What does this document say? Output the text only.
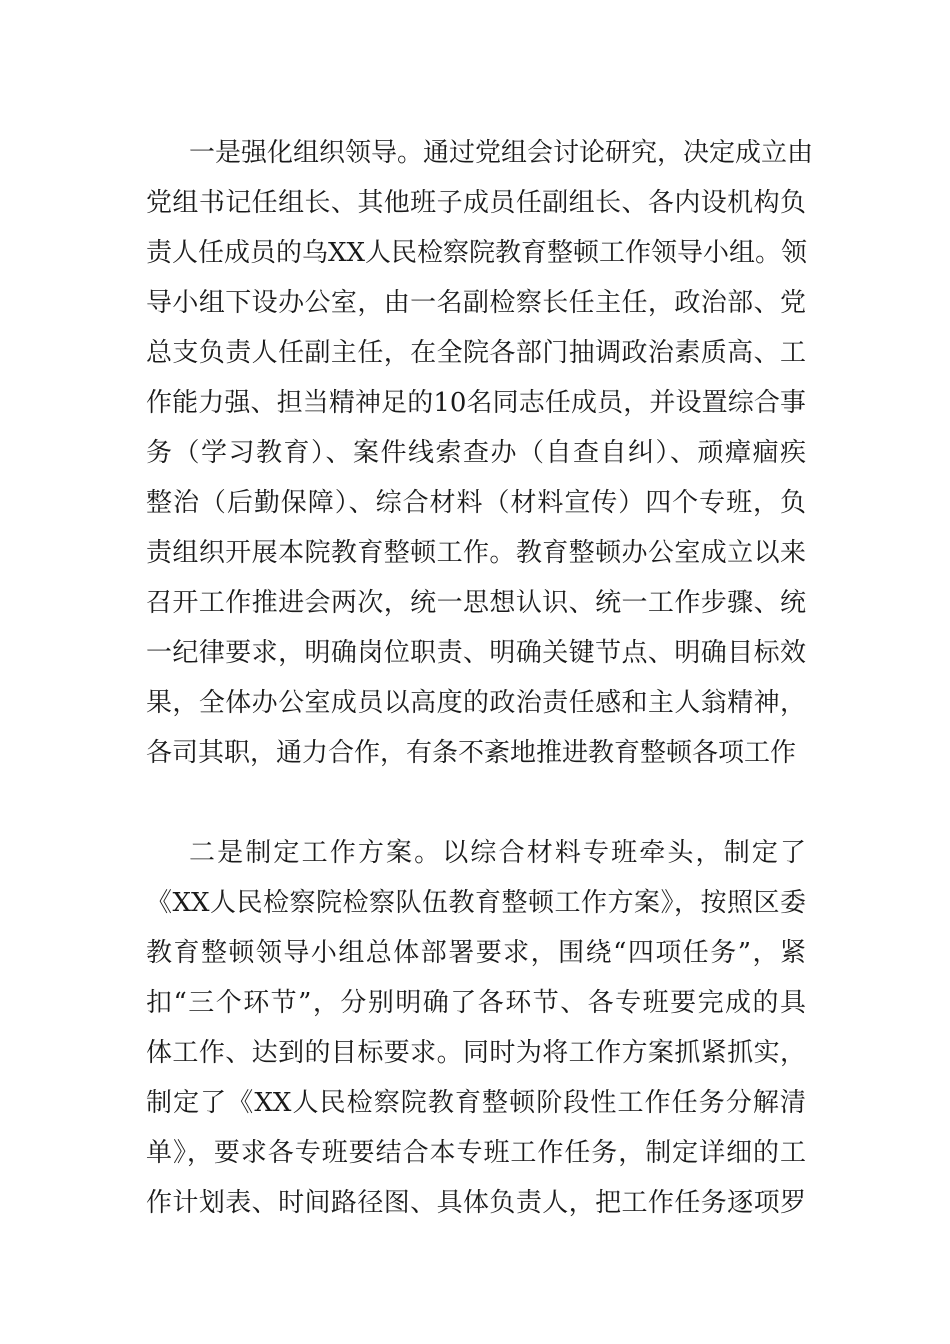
一是强化组织领导。通过党组会讨论研究，决定成立由
党组书记任组长、其他班子成员任副组长、各内设机构负
责人任成员的乌XX人民检察院教育整顿工作领导小组。领
导小组下设办公室，由一名副检察长任主任，政治部、党
总支负责人任副主任，在全院各部门抽调政治素质高、工
作能力强、担当精神足的10名同志任成员，并设置综合事
务（学习教育）、案件线索查办（自查自纠）、顽瘴痼疾
整治（后勤保障）、综合材料（材料宣传）四个专班，负
责组织开展本院教育整顿工作。教育整顿办公室成立以来
召开工作推进会两次，统一思想认识、统一工作步骤、统
一纪律要求，明确岗位职责、明确关键节点、明确目标效
果，全体办公室成员以高度的政治责任感和主人翁精神，
各司其职，通力合作，有条不紊地推进教育整顿各项工作
二是制定工作方案。以综合材料专班牵头，制定了
《XX人民检察院检察队伍教育整顿工作方案》，按照区委
教育整顿领导小组总体部署要求，围绕“四项任务”，紧
扣“三个环节”，分别明确了各环节、各专班要完成的具
体工作、达到的目标要求。同时为将工作方案抓紧抓实，
制定了《XX人民检察院教育整顿阶段性工作任务分解清
单》，要求各专班要结合本专班工作任务，制定详细的工
作计划表、时间路径图、具体负责人，把工作任务逐项罗
